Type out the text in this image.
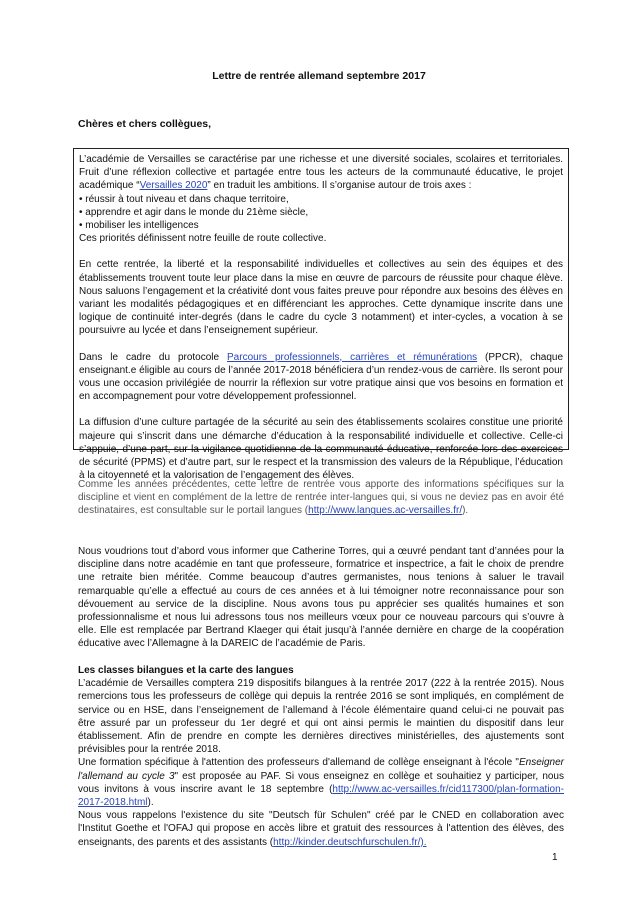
Lettre de rentrée allemand septembre 2017
Chères et chers collègues,

L’académie de Versailles se caractérise par une richesse et une diversité sociales, scolaires et territoriales. Fruit d’une réflexion collective et partagée entre tous les acteurs de la communauté éducative, le projet académique “Versailles 2020” en traduit les ambitions. Il s’organise autour de trois axes :

• réussir à tout niveau et dans chaque territoire,

• apprendre et agir dans le monde du 21ème siècle,

• mobiliser les intelligences

Ces priorités définissent notre feuille de route collective.

En cette rentrée, la liberté et la responsabilité individuelles et collectives au sein des équipes et des établissements trouvent toute leur place dans la mise en œuvre de parcours de réussite pour chaque élève. Nous saluons l’engagement et la créativité dont vous faites preuve pour répondre aux besoins des élèves en variant les modalités pédagogiques et en différenciant les approches. Cette dynamique inscrite dans une logique de continuité inter-degrés (dans le cadre du cycle 3 notamment) et inter-cycles, a vocation à se poursuivre au lycée et dans l’enseignement supérieur.

Dans le cadre du protocole Parcours professionnels, carrières et rémunérations (PPCR), chaque enseignant.e éligible au cours de l’année 2017-2018 bénéficiera d’un rendez-vous de carrière. Ils seront pour vous une occasion privilégiée de nourrir la réflexion sur votre pratique ainsi que vos besoins en formation et en accompagnement pour votre développement professionnel.

La diffusion d’une culture partagée de la sécurité au sein des établissements scolaires constitue une priorité majeure qui s’inscrit dans une démarche d’éducation à la responsabilité individuelle et collective. Celle-ci s’appuie, d’une part, sur la vigilance quotidienne de la communauté éducative, renforcée lors des exercices de sécurité (PPMS) et d’autre part, sur le respect et la transmission des valeurs de la République, l’éducation à la citoyenneté et la valorisation de l’engagement des élèves.

Comme les années précédentes, cette lettre de rentrée vous apporte des informations spécifiques sur la discipline et vient en complément de la lettre de rentrée inter-langues qui, si vous ne deviez pas en avoir été destinataires, est consultable sur le portail langues (http://www.langues.ac-versailles.fr/).
Nous voudrions tout d’abord vous informer que Catherine Torres, qui a œuvré pendant tant d’années pour la discipline dans notre académie en tant que professeure, formatrice et inspectrice, a fait le choix de prendre une retraite bien méritée. Comme beaucoup d’autres germanistes, nous tenions à saluer le travail remarquable qu’elle a effectué au cours de ces années et à lui témoigner notre reconnaissance pour son dévouement au service de la discipline. Nous avons tous pu apprécier ses qualités humaines et son professionnalisme et nous lui adressons tous nos meilleurs vœux pour ce nouveau parcours qui s’ouvre à elle. Elle est remplacée par Bertrand Klaeger qui était jusqu’à l’année dernière en charge de la coopération éducative avec l’Allemagne à la DAREIC de l’académie de Paris.
Les classes bilangues et la carte des langues

L’académie de Versailles comptera 219 dispositifs bilangues à la rentrée 2017 (222 à la rentrée 2015). Nous remercions tous les professeurs de collège qui depuis la rentrée 2016 se sont impliqués, en complément de service ou en HSE, dans l’enseignement de l’allemand à l’école élémentaire quand celui-ci ne pouvait pas être assuré par un professeur du 1er degré et qui ont ainsi permis le maintien du dispositif dans leur établissement. Afin de prendre en compte les dernières directives ministérielles, des ajustements sont prévisibles pour la rentrée 2018.

Une formation spécifique à l'attention des professeurs d'allemand de collège enseignant à l'école "Enseigner l'allemand au cycle 3" est proposée au PAF. Si vous enseignez en collège et souhaitiez y participer, nous vous invitons à vous inscrire avant le 18 septembre (http://www.ac-versailles.fr/cid117300/plan-formation-2017-2018.html).

Nous vous rappelons l'existence du site "Deutsch für Schulen" créé par le CNED en collaboration avec l'Institut Goethe et l'OFAJ qui propose en accès libre et gratuit des ressources à l'attention des élèves, des enseignants, des parents et des assistants (http://kinder.deutschfurschulen.fr/).

1
